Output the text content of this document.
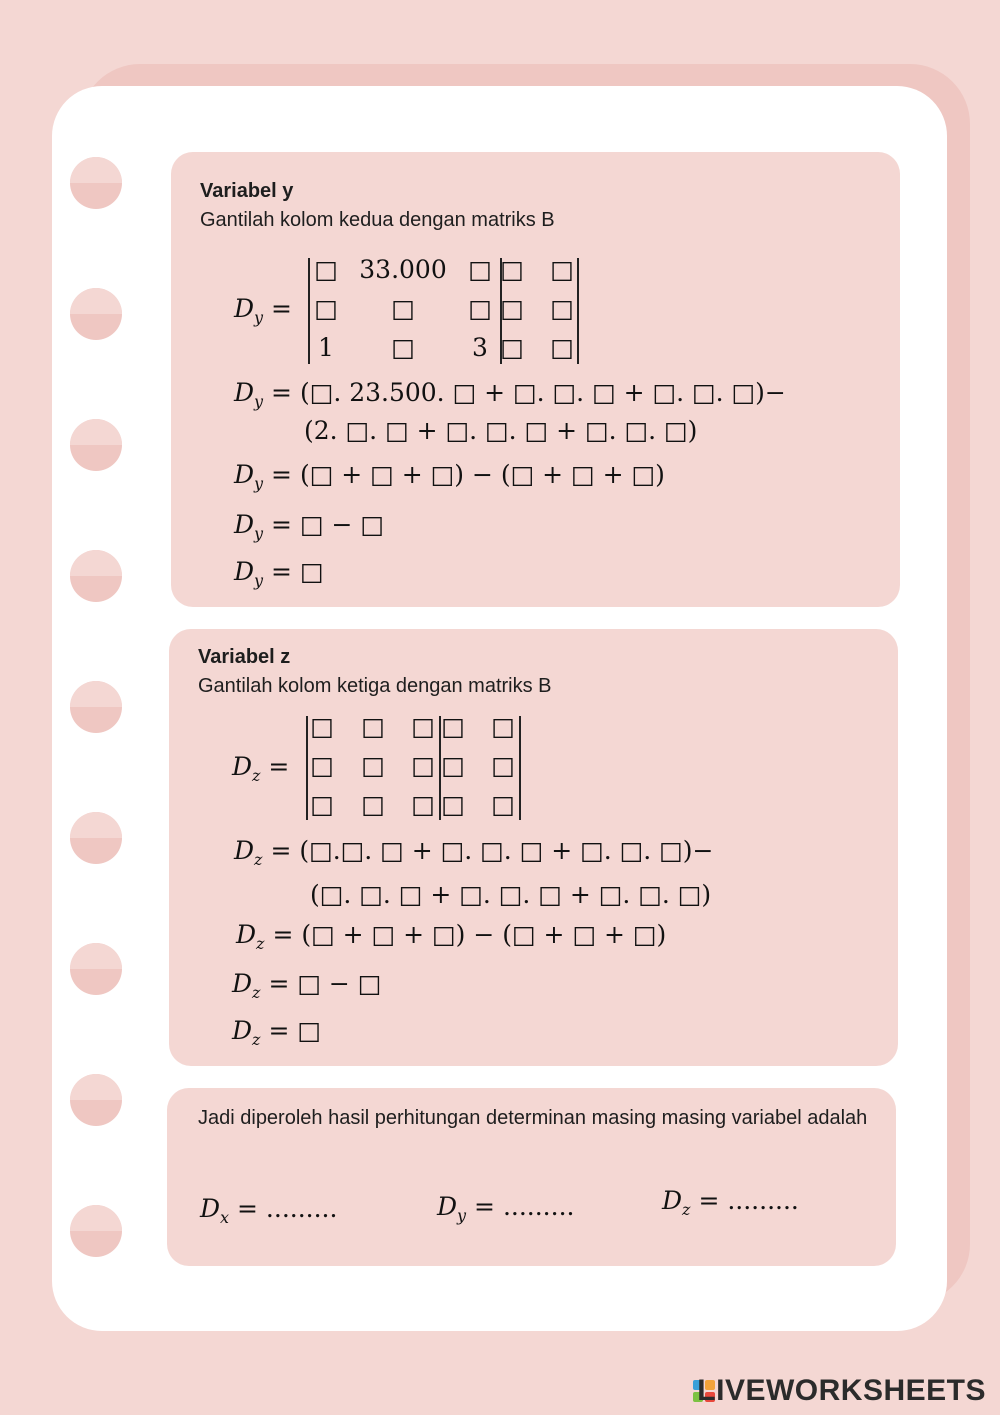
Variabel y
Gantilah kolom kedua dengan matriks B
$D_y$ =
□ 33.000 □ □ □
□ □ □ □ □
1 □ 3 □ □
$D_y$ = (□. 23.500. □ + □. □. □ + □. □. □)−
(2. □. □ + □. □. □ + □. □. □)
$D_y$ = (□ + □ + □) − (□ + □ + □)
$D_y$ = □ − □
$D_y$ = □
Variabel z
Gantilah kolom ketiga dengan matriks B
$D_z$ =
□ □ □ □ □
□ □ □ □ □
□ □ □ □ □
$D_z$ = (□.□. □ + □. □. □ + □. □. □)−
(□. □. □ + □. □. □ + □. □. □)
$D_z$ = (□ + □ + □) − (□ + □ + □)
$D_z$ = □ − □
$D_z$ = □
Jadi diperoleh hasil perhitungan determinan masing masing variabel adalah
$D_x$ = .........	$D_y$ = .........	$D_z$ = .........
LIVEWORKSHEETS
